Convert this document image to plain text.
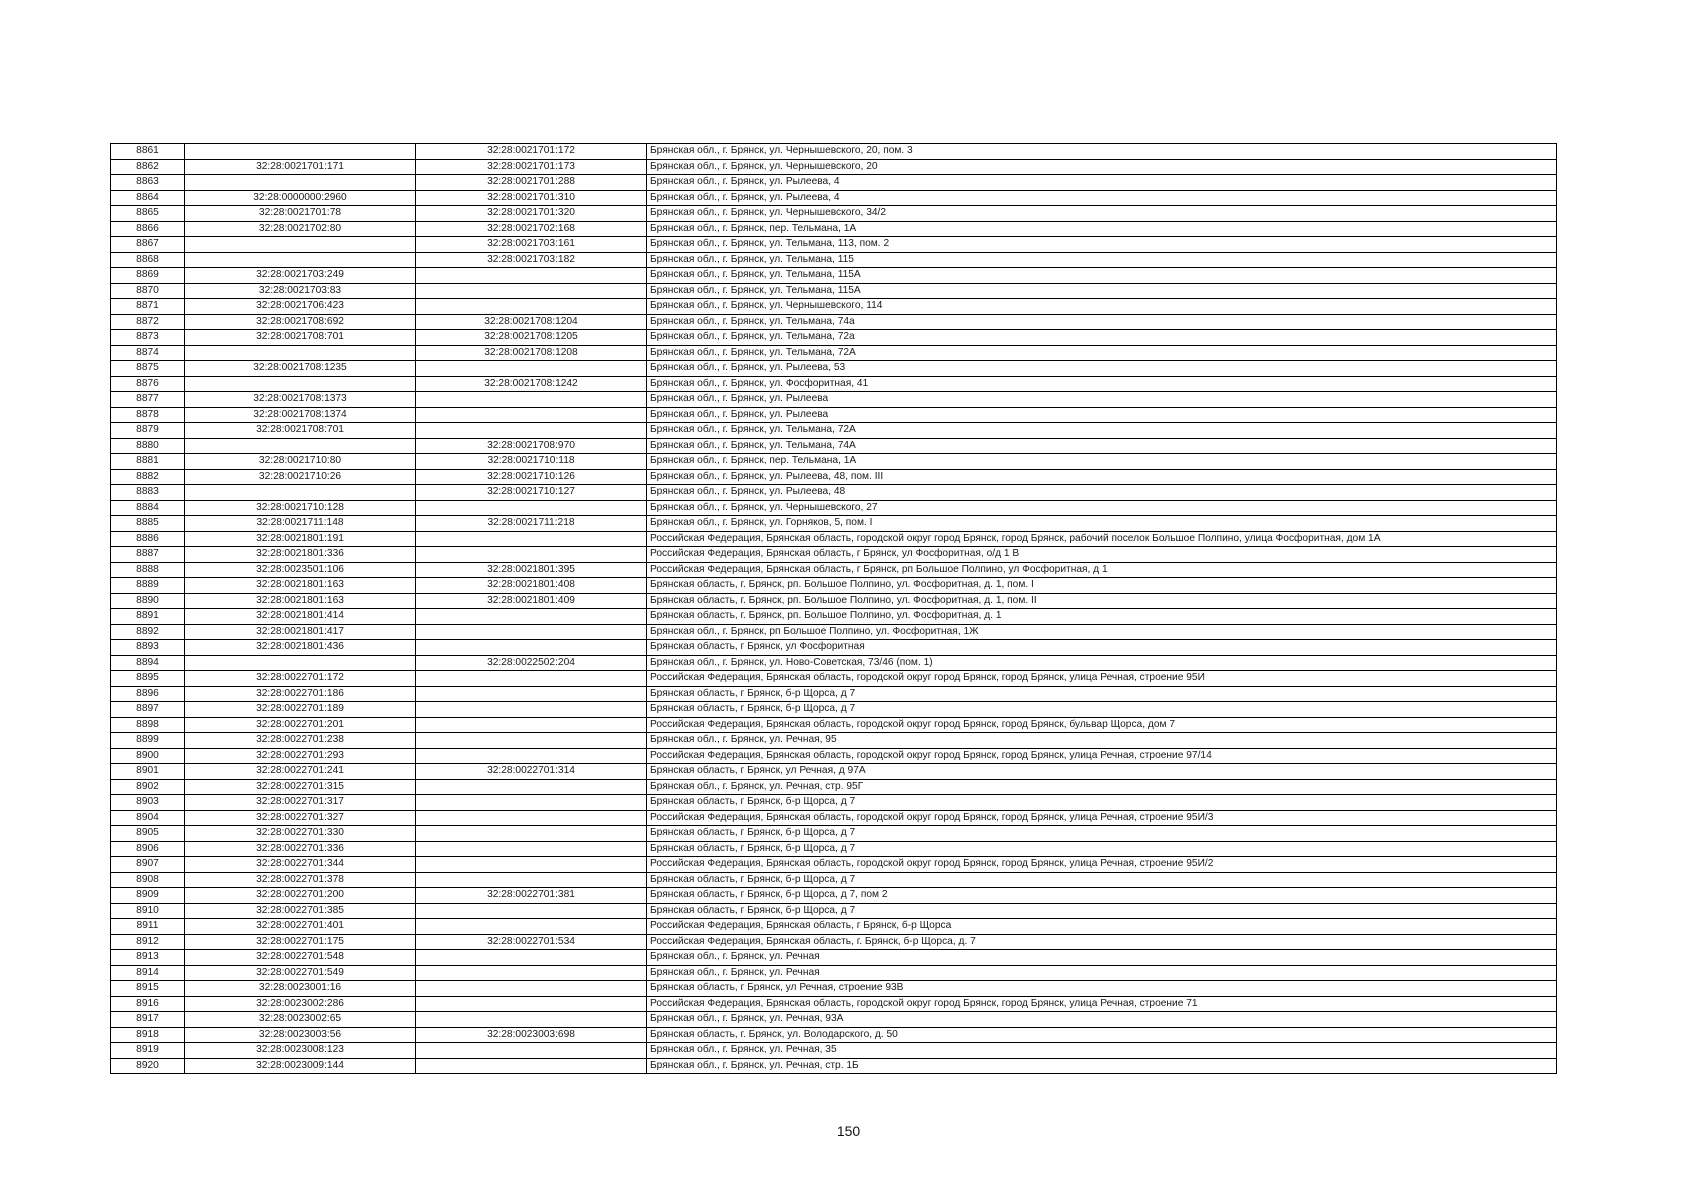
8861		32:28:0021701:172	Брянская обл., г. Брянск, ул. Чернышевского, 20, пом. 3
8862	32:28:0021701:171	32:28:0021701:173	Брянская обл., г. Брянск, ул. Чернышевского, 20
8863		32:28:0021701:288	Брянская обл., г. Брянск, ул. Рылеева, 4
8864	32:28:0000000:2960	32:28:0021701:310	Брянская обл., г. Брянск, ул. Рылеева, 4
8865	32:28:0021701:78	32:28:0021701:320	Брянская обл., г. Брянск, ул. Чернышевского, 34/2
8866	32:28:0021702:80	32:28:0021702:168	Брянская обл., г. Брянск, пер. Тельмана, 1А
8867		32:28:0021703:161	Брянская обл., г. Брянск, ул. Тельмана, 113, пом. 2
8868		32:28:0021703:182	Брянская обл., г. Брянск, ул. Тельмана, 115
8869	32:28:0021703:249		Брянская обл., г. Брянск, ул. Тельмана, 115А
8870	32:28:0021703:83		Брянская обл., г. Брянск, ул. Тельмана, 115А
8871	32:28:0021706:423		Брянская обл., г. Брянск, ул. Чернышевского, 114
8872	32:28:0021708:692	32:28:0021708:1204	Брянская обл., г. Брянск, ул. Тельмана, 74а
8873	32:28:0021708:701	32:28:0021708:1205	Брянская обл., г. Брянск, ул. Тельмана, 72а
8874		32:28:0021708:1208	Брянская обл., г. Брянск, ул. Тельмана, 72А
8875	32:28:0021708:1235		Брянская обл., г. Брянск, ул. Рылеева, 53
8876		32:28:0021708:1242	Брянская обл., г. Брянск, ул. Фосфоритная, 41
8877	32:28:0021708:1373		Брянская обл., г. Брянск, ул. Рылеева
8878	32:28:0021708:1374		Брянская обл., г. Брянск, ул. Рылеева
8879	32:28:0021708:701		Брянская обл., г. Брянск, ул. Тельмана, 72А
8880		32:28:0021708:970	Брянская обл., г. Брянск, ул. Тельмана, 74А
8881	32:28:0021710:80	32:28:0021710:118	Брянская обл., г. Брянск, пер. Тельмана, 1А
8882	32:28:0021710:26	32:28:0021710:126	Брянская обл., г. Брянск, ул. Рылеева, 48, пом. III
8883		32:28:0021710:127	Брянская обл., г. Брянск, ул. Рылеева, 48
8884	32:28:0021710:128		Брянская обл., г. Брянск, ул. Чернышевского, 27
8885	32:28:0021711:148	32:28:0021711:218	Брянская обл., г. Брянск, ул. Горняков, 5, пом. I
8886	32:28:0021801:191		Российская Федерация, Брянская область, городской округ город Брянск, город Брянск, рабочий поселок Большое Полпино, улица Фосфоритная, дом 1А
8887	32:28:0021801:336		Российская Федерация, Брянская область, г Брянск, ул Фосфоритная, о/д 1 В
8888	32:28:0023501:106	32:28:0021801:395	Российская Федерация, Брянская область, г Брянск, рп Большое Полпино, ул Фосфоритная, д 1
8889	32:28:0021801:163	32:28:0021801:408	Брянская область, г. Брянск, рп. Большое Полпино, ул. Фосфоритная, д. 1, пом. I
8890	32:28:0021801:163	32:28:0021801:409	Брянская область, г. Брянск, рп. Большое Полпино, ул. Фосфоритная, д. 1, пом. II
8891	32:28:0021801:414		Брянская область, г. Брянск, рп. Большое Полпино, ул. Фосфоритная, д. 1
8892	32:28:0021801:417		Брянская обл., г. Брянск, рп Большое Полпино, ул. Фосфоритная, 1Ж
8893	32:28:0021801:436		Брянская область, г Брянск, ул Фосфоритная
8894		32:28:0022502:204	Брянская обл., г. Брянск, ул. Ново-Советская, 73/46 (пом. 1)
8895	32:28:0022701:172		Российская Федерация, Брянская область, городской округ город Брянск, город Брянск, улица Речная, строение 95И
8896	32:28:0022701:186		Брянская область, г Брянск, б-р Щорса, д 7
8897	32:28:0022701:189		Брянская область, г Брянск, б-р Щорса, д 7
8898	32:28:0022701:201		Российская Федерация, Брянская область, городской округ город Брянск, город Брянск, бульвар Щорса, дом 7
8899	32:28:0022701:238		Брянская обл., г. Брянск, ул. Речная, 95
8900	32:28:0022701:293		Российская Федерация, Брянская область, городской округ город Брянск, город Брянск, улица Речная, строение 97/14
8901	32:28:0022701:241	32:28:0022701:314	Брянская область, г Брянск, ул Речная, д 97А
8902	32:28:0022701:315		Брянская обл., г. Брянск, ул. Речная, стр. 95Г
8903	32:28:0022701:317		Брянская область, г Брянск, б-р Щорса, д 7
8904	32:28:0022701:327		Российская Федерация, Брянская область, городской округ город Брянск, город Брянск, улица Речная, строение 95И/3
8905	32:28:0022701:330		Брянская область, г Брянск, б-р Щорса, д 7
8906	32:28:0022701:336		Брянская область, г Брянск, б-р Щорса, д 7
8907	32:28:0022701:344		Российская Федерация, Брянская область, городской округ город Брянск, город Брянск, улица Речная, строение 95И/2
8908	32:28:0022701:378		Брянская область, г Брянск, б-р Щорса, д 7
8909	32:28:0022701:200	32:28:0022701:381	Брянская область, г Брянск, б-р Щорса, д 7, пом 2
8910	32:28:0022701:385		Брянская область, г Брянск, б-р Щорса, д 7
8911	32:28:0022701:401		Российская Федерация, Брянская область, г Брянск, б-р Щорса
8912	32:28:0022701:175	32:28:0022701:534	Российская Федерация, Брянская область, г. Брянск, б-р Щорса, д. 7
8913	32:28:0022701:548		Брянская обл., г. Брянск, ул. Речная
8914	32:28:0022701:549		Брянская обл., г. Брянск, ул. Речная
8915	32:28:0023001:16		Брянская область, г Брянск, ул Речная, строение 93В
8916	32:28:0023002:286		Российская Федерация, Брянская область, городской округ город Брянск, город Брянск, улица Речная, строение 71
8917	32:28:0023002:65		Брянская обл., г. Брянск, ул. Речная, 93А
8918	32:28:0023003:56	32:28:0023003:698	Брянская область, г. Брянск, ул. Володарского, д. 50
8919	32:28:0023008:123		Брянская обл., г. Брянск, ул. Речная, 35
8920	32:28:0023009:144		Брянская обл., г. Брянск, ул. Речная, стр. 1Б
150
